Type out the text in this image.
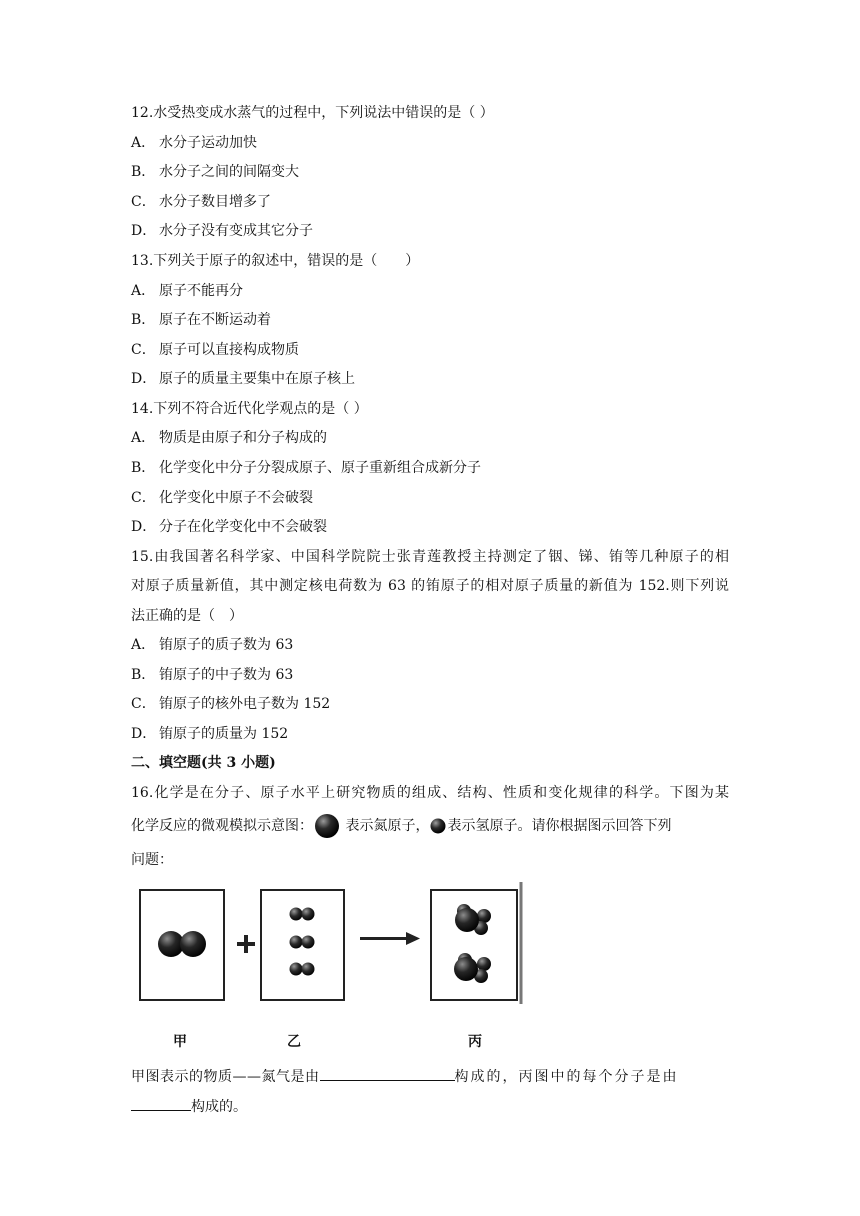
12.水受热变成水蒸气的过程中，下列说法中错误的是（ ）
A． 水分子运动加快
B． 水分子之间的间隔变大
C． 水分子数目增多了
D． 水分子没有变成其它分子
13.下列关于原子的叙述中，错误的是（　　）
A． 原子不能再分
B． 原子在不断运动着
C． 原子可以直接构成物质
D． 原子的质量主要集中在原子核上
14.下列不符合近代化学观点的是（ ）
A． 物质是由原子和分子构成的
B． 化学变化中分子分裂成原子、原子重新组合成新分子
C． 化学变化中原子不会破裂
D． 分子在化学变化中不会破裂
15.由我国著名科学家、中国科学院院士张青莲教授主持测定了铟、锑、铕等几种原子的相
对原子质量新值，其中测定核电荷数为 63 的铕原子的相对原子质量的新值为 152.则下列说
法正确的是（　）
A． 铕原子的质子数为 63
B． 铕原子的中子数为 63
C． 铕原子的核外电子数为 152
D． 铕原子的质量为 152
二、填空题(共 3 小题)
16.化学是在分子、原子水平上研究物质的组成、结构、性质和变化规律的科学。下图为某
化学反应的微观模拟示意图： 表示氮原子， 表示氢原子。请你根据图示回答下列
问题：
甲	乙	丙
甲图表示的物质——氮气是由	构成的，丙图中的每个分子是由
构成的。
